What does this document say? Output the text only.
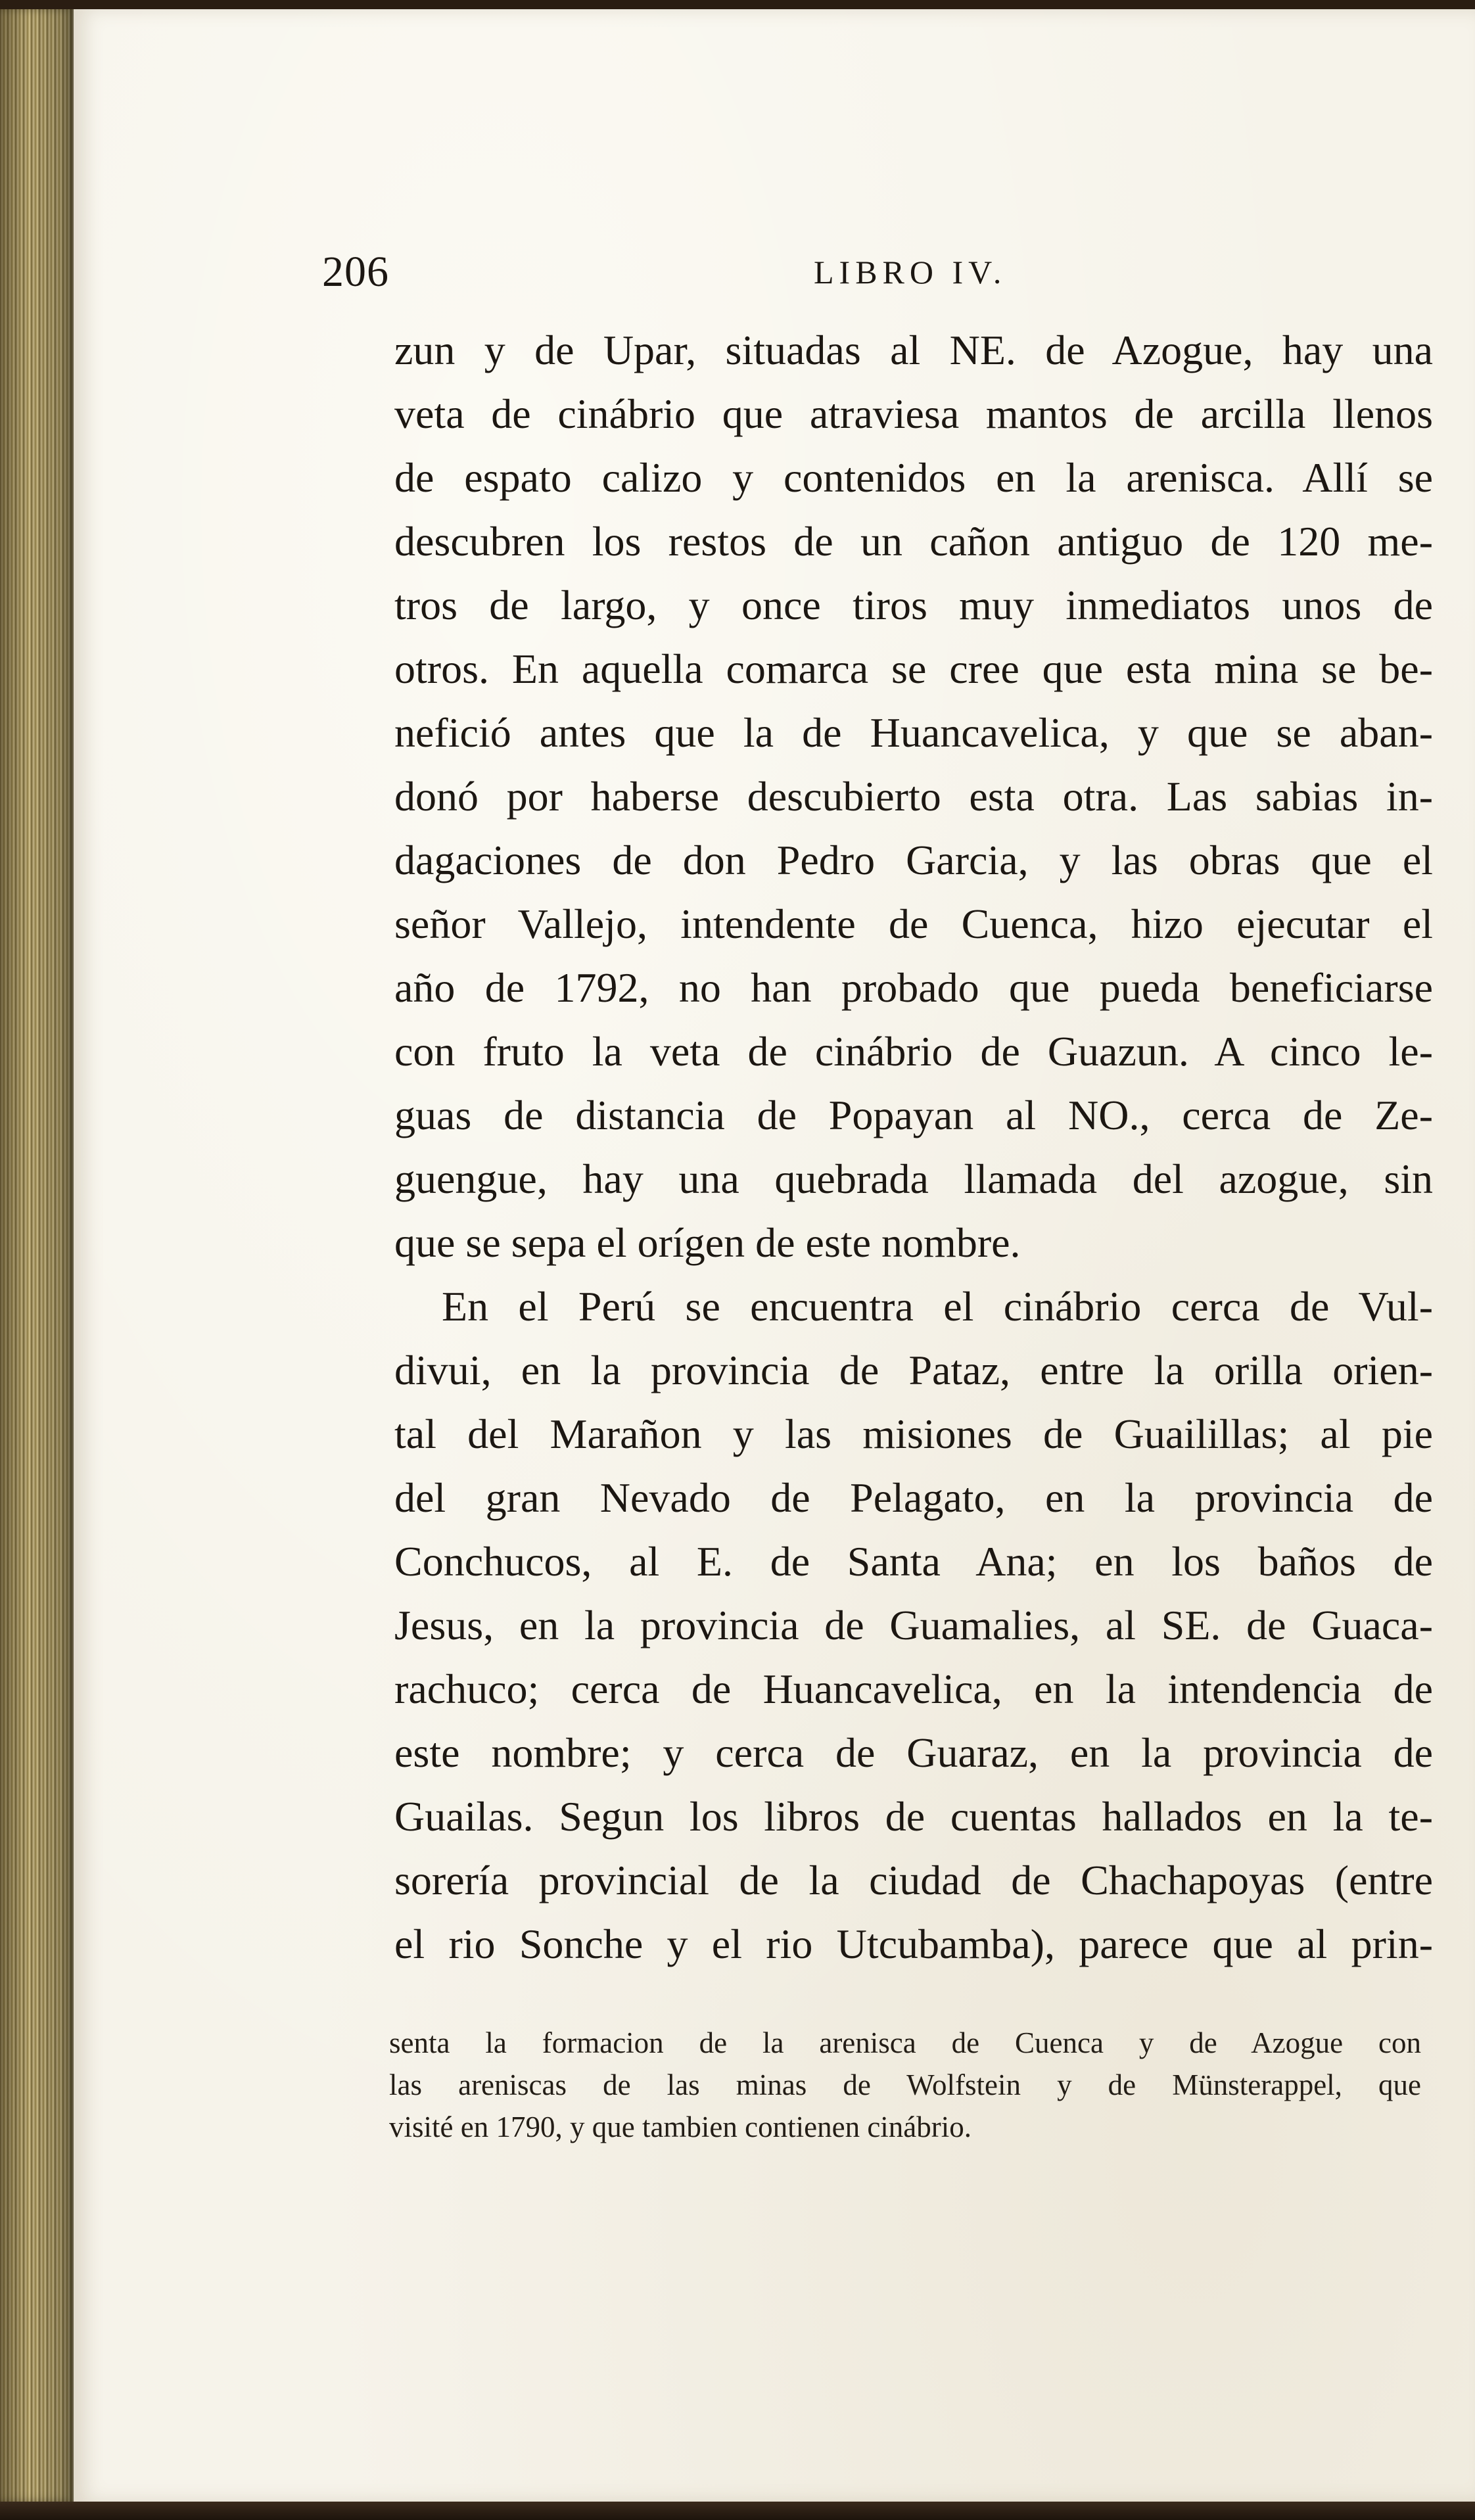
206	LIBRO IV.
zun y de Upar, situadas al NE. de Azogue, hay una
veta de cinábrio que atraviesa mantos de arcilla llenos
de espato calizo y contenidos en la arenisca. Allí se
descubren los restos de un cañon antiguo de 120 me-
tros de largo, y once tiros muy inmediatos unos de
otros. En aquella comarca se cree que esta mina se be-
nefició antes que la de Huancavelica, y que se aban-
donó por haberse descubierto esta otra. Las sabias in-
dagaciones de don Pedro Garcia, y las obras que el
señor Vallejo, intendente de Cuenca, hizo ejecutar el
año de 1792, no han probado que pueda beneficiarse
con fruto la veta de cinábrio de Guazun. A cinco le-
guas de distancia de Popayan al NO., cerca de Ze-
guengue, hay una quebrada llamada del azogue, sin
que se sepa el orígen de este nombre.
En el Perú se encuentra el cinábrio cerca de Vul-
divui, en la provincia de Pataz, entre la orilla orien-
tal del Marañon y las misiones de Guailillas; al pie
del gran Nevado de Pelagato, en la provincia de
Conchucos, al E. de Santa Ana; en los baños de
Jesus, en la provincia de Guamalies, al SE. de Guaca-
rachuco; cerca de Huancavelica, en la intendencia de
este nombre; y cerca de Guaraz, en la provincia de
Guailas. Segun los libros de cuentas hallados en la te-
sorería provincial de la ciudad de Chachapoyas (entre
el rio Sonche y el rio Utcubamba), parece que al prin-
senta la formacion de la arenisca de Cuenca y de Azogue con
las areniscas de las minas de Wolfstein y de Münsterappel, que
visité en 1790, y que tambien contienen cinábrio.
